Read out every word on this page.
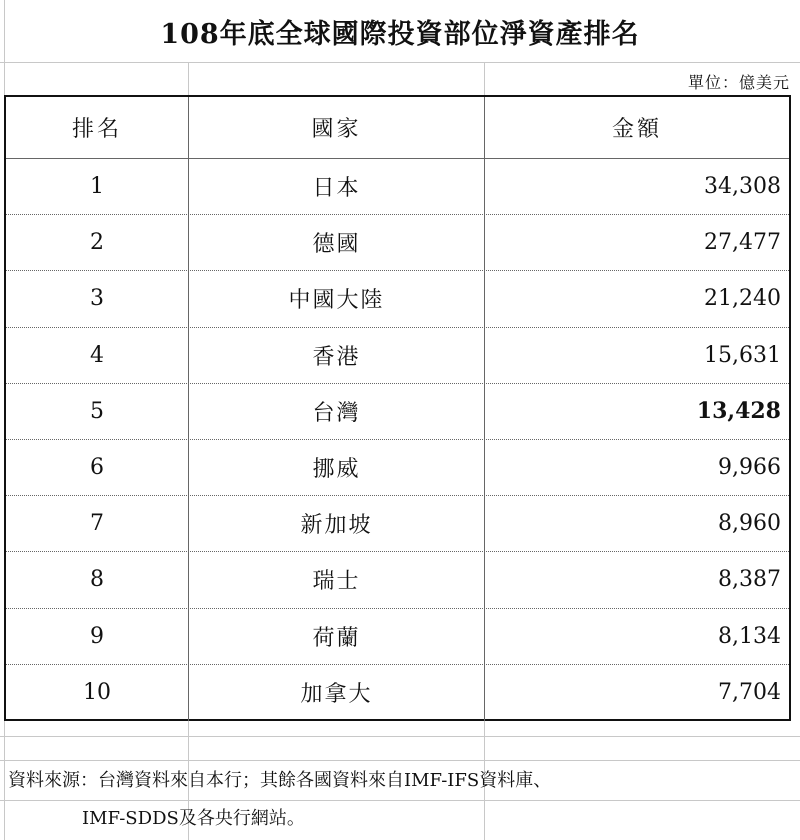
108年底全球國際投資部位淨資產排名
單位：億美元
排名	國家	金額
1	日本	34,308
2	德國	27,477
3	中國大陸	21,240
4	香港	15,631
5	台灣	13,428
6	挪威	9,966
7	新加坡	8,960
8	瑞士	8,387
9	荷蘭	8,134
10	加拿大	7,704
資料來源：台灣資料來自本行；其餘各國資料來自IMF-IFS資料庫、
IMF-SDDS及各央行網站。
